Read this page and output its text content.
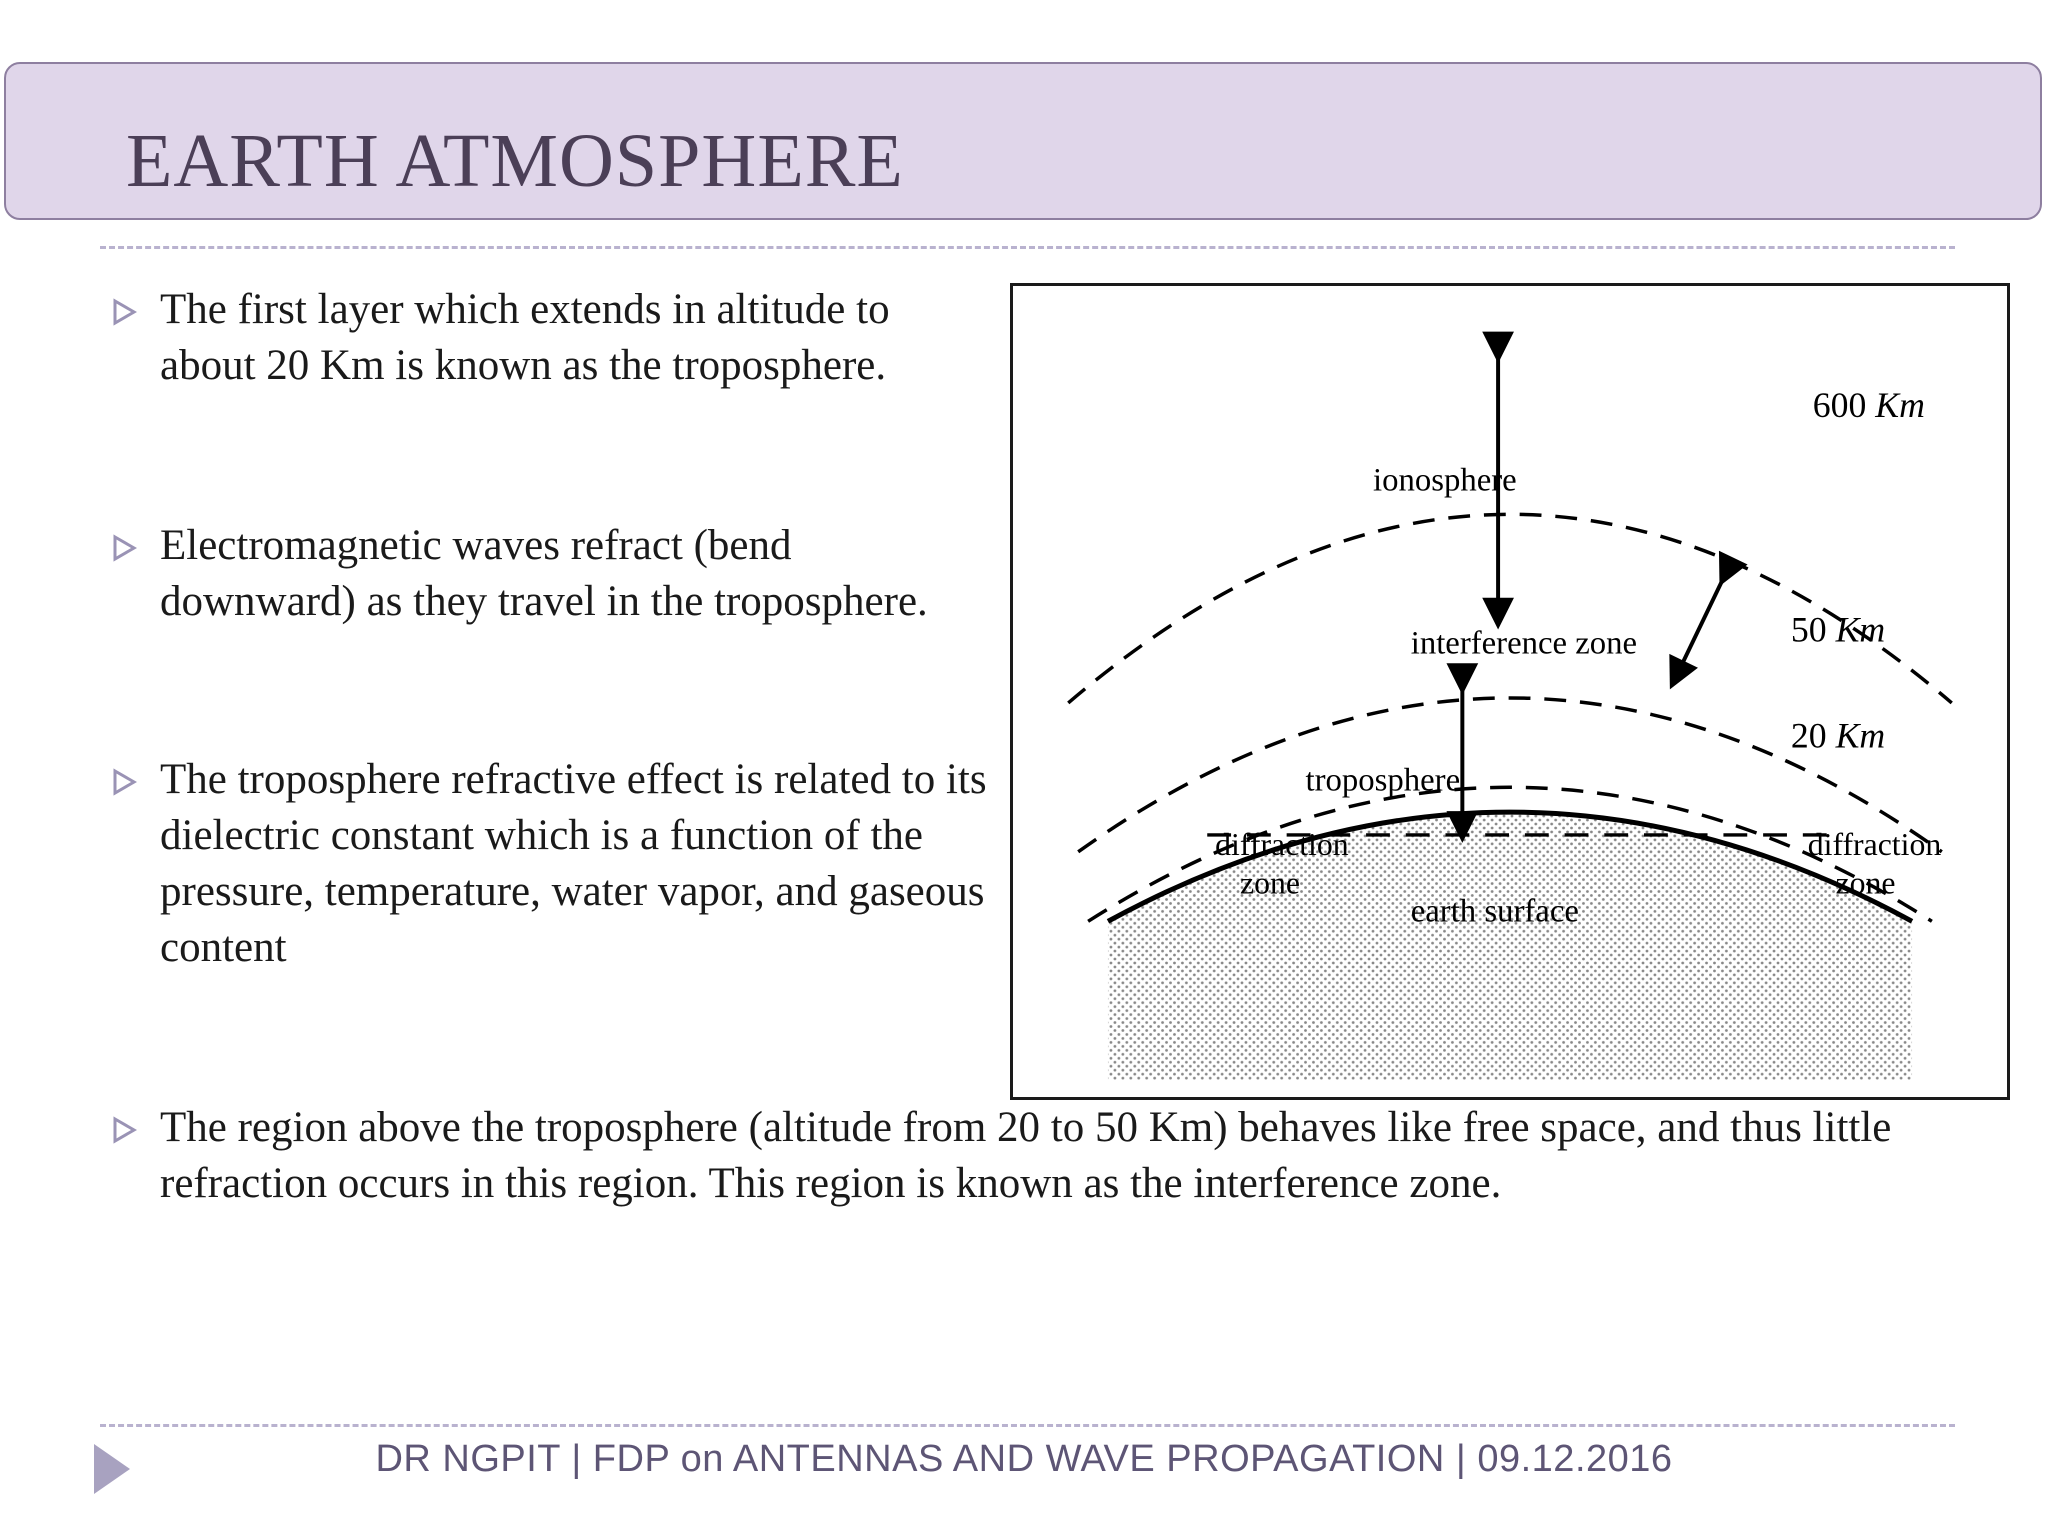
EARTH ATMOSPHERE
The first layer which extends in altitude to about 20 Km is known as the troposphere.
Electromagnetic waves refract (bend downward) as they travel in the troposphere.
The troposphere refractive effect is related to its dielectric constant which is a function of the pressure, temperature, water vapor, and gaseous content
The region above the troposphere (altitude from 20 to 50 Km) behaves like free space, and thus little refraction occurs in this region. This region is known as the interference zone.
ionosphere
interference zone
troposphere
diffraction
zone
diffraction
zone
earth surface
600 Km
50 Km
20 Km
DR NGPIT | FDP on ANTENNAS AND WAVE PROPAGATION | 09.12.2016
